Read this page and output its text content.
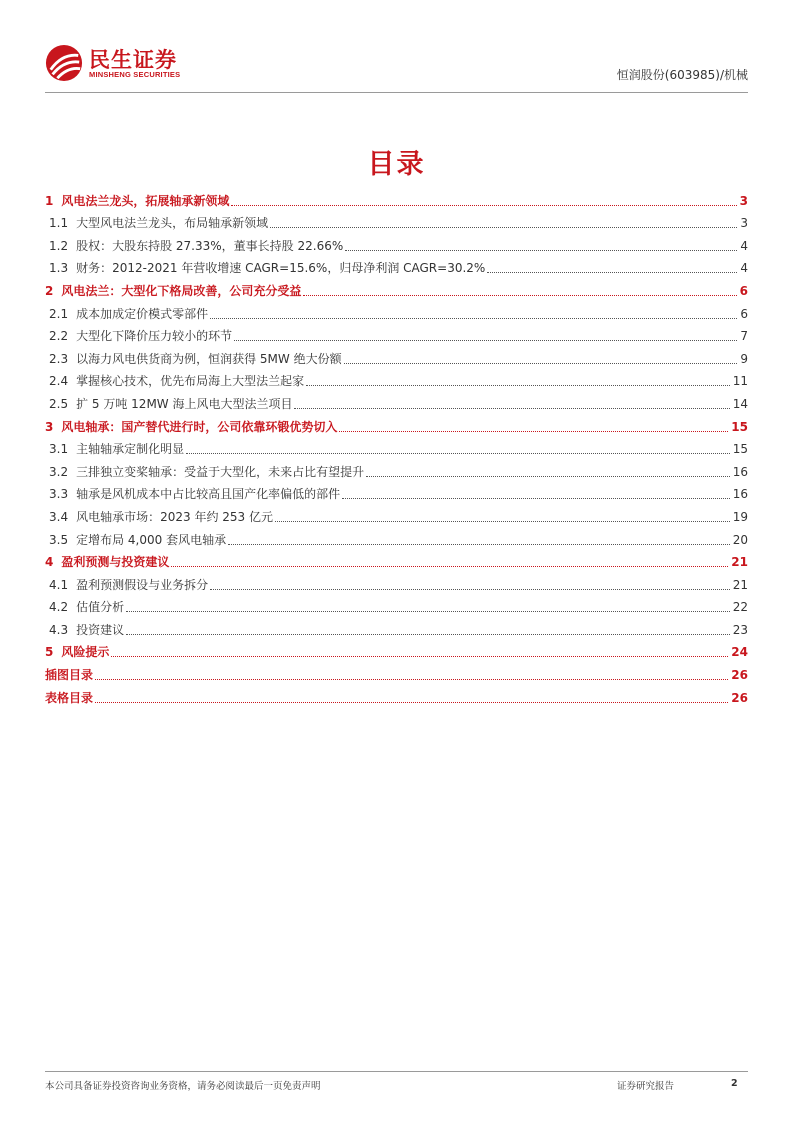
民生证券
MINSHENG SECURITIES	恒润股份(603985)/机械
目录
1 风电法兰龙头，拓展轴承新领域	3
1.1 大型风电法兰龙头，布局轴承新领域	3
1.2 股权：大股东持股 27.33%，董事长持股 22.66%	4
1.3 财务：2012-2021 年营收增速 CAGR=15.6%，归母净利润 CAGR=30.2%	4
2 风电法兰：大型化下格局改善，公司充分受益	6
2.1 成本加成定价模式零部件	6
2.2 大型化下降价压力较小的环节	7
2.3 以海力风电供货商为例，恒润获得 5MW 绝大份额	9
2.4 掌握核心技术，优先布局海上大型法兰起家	11
2.5 扩 5 万吨 12MW 海上风电大型法兰项目	14
3 风电轴承：国产替代进行时，公司依靠环锻优势切入	15
3.1 主轴轴承定制化明显	15
3.2 三排独立变桨轴承：受益于大型化，未来占比有望提升	16
3.3 轴承是风机成本中占比较高且国产化率偏低的部件	16
3.4 风电轴承市场：2023 年约 253 亿元	19
3.5 定增布局 4,000 套风电轴承	20
4 盈利预测与投资建议	21
4.1 盈利预测假设与业务拆分	21
4.2 估值分析	22
4.3 投资建议	23
5 风险提示	24
插图目录	26
表格目录	26
本公司具备证券投资咨询业务资格，请务必阅读最后一页免责声明	证券研究报告	2
